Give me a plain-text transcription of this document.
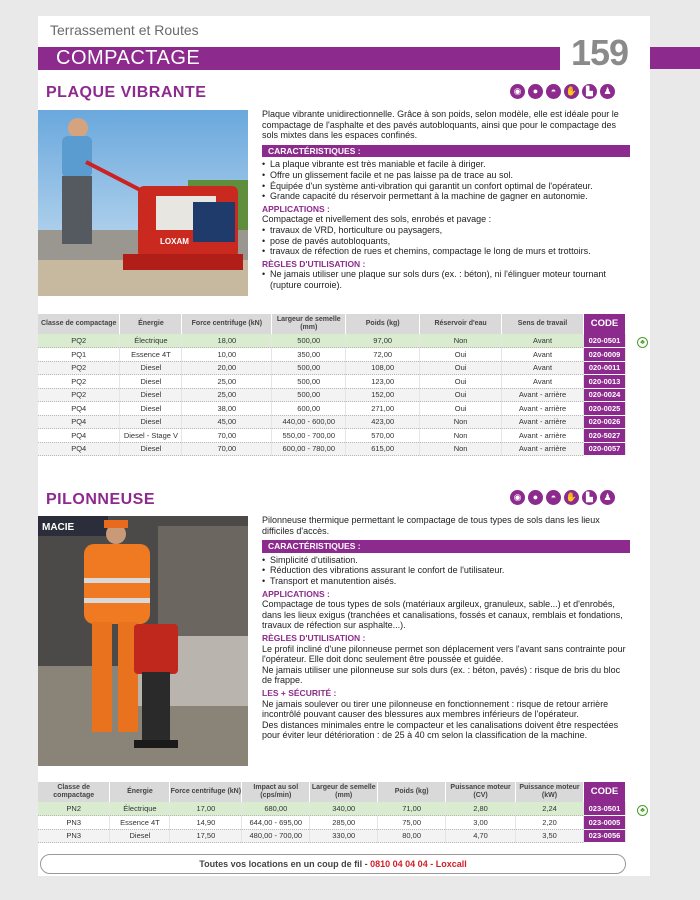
Terrassement et Routes
COMPACTAGE	159
PLAQUE VIBRANTE	◉	●	◓	✋ ▙	♟
LOXAM

Plaque vibrante unidirectionnelle. Grâce à son poids, selon modèle, elle est idéale pour le compactage de l'asphalte et des pavés autobloquants, ainsi que pour le compactage des sols mixtes dans les espaces confinés.

CARACTÉRISTIQUES :
• La plaque vibrante est très maniable et facile à diriger.
• Offre un glissement facile et ne pas laisse pa de trace au sol.
• Équipée d'un système anti-vibration qui garantit un confort optimal de l'opérateur.
• Grande capacité du réservoir permettant à la machine de gagner en autonomie.
APPLICATIONS :

Compactage et nivellement des sols, enrobés et pavage :

• travaux de VRD, horticulture ou paysagers,
• pose de pavés autobloquants,
• travaux de réfection de rues et chemins, compactage le long de murs et trottoirs.
RÈGLES D'UTILISATION :
• Ne jamais utiliser une plaque sur sols durs (ex. : béton), ni l'élinguer moteur tournant (rupture courroie).
Classe de compactage	Énergie	Force centrifuge (kN)	Largeur de semelle (mm)	Poids (kg)	Réservoir d'eau	Sens de travail	CODE
PQ2	Électrique	18,00	500,00	97,00	Non	Avant	020-0501
PQ1	Essence 4T	10,00	350,00	72,00	Oui	Avant	020-0009
PQ2	Diesel	20,00	500,00	108,00	Oui	Avant	020-0011
PQ2	Diesel	25,00	500,00	123,00	Oui	Avant	020-0013
PQ2	Diesel	25,00	500,00	152,00	Oui	Avant - arrière	020-0024
PQ4	Diesel	38,00	600,00	271,00	Oui	Avant - arrière	020-0025
PQ4	Diesel	45,00	440,00 - 600,00	423,00	Non	Avant - arrière	020-0026
PQ4	Diesel - Stage V	70,00	550,00 - 700,00	570,00	Non	Avant - arrière	020-5027
PQ4	Diesel	70,00	600,00 - 780,00	615,00	Non	Avant - arrière	020-0057
♣
PILONNEUSE	◉	●	◓	✋ ▙	♟
MACIE

Pilonneuse thermique permettant le compactage de tous types de sols dans les lieux difficiles d'accès.

CARACTÉRISTIQUES :
• Simplicité d'utilisation.
• Réduction des vibrations assurant le confort de l'utilisateur.
• Transport et manutention aisés.
APPLICATIONS :

Compactage de tous types de sols (matériaux argileux, granuleux, sable...) et d'enrobés, dans les lieux exigus (tranchées et canalisations, fossés et canaux, remblais et fondations, travaux de réfection sur asphalte...).

RÈGLES D'UTILISATION :

Le profil incliné d'une pilonneuse permet son déplacement vers l'avant sans contrainte pour l'opérateur. Elle doit donc seulement être poussée et guidée.

Ne jamais utiliser une pilonneuse sur sols durs (ex. : béton, pavés) : risque de bris du bloc de frappe.

LES + SÉCURITÉ :

Ne jamais soulever ou tirer une pilonneuse en fonctionnement : risque de retour arrière incontrôlé pouvant causer des blessures aux membres inférieurs de l'opérateur.

Des distances minimales entre le compacteur et les canalisations doivent être respectées pour éviter leur détérioration : de 25 à 40 cm selon la classification de la machine.

Classe de compactage	Énergie	Force centrifuge (kN)	Impact au sol (cps/min)	Largeur de semelle (mm)	Poids (kg)	Puissance moteur (CV)	Puissance moteur (kW)	CODE
PN2	Électrique	17,00	680,00	340,00	71,00	2,80	2,24	023-0501
PN3	Essence 4T	14,90	644,00 - 695,00	285,00	75,00	3,00	2,20	023-0005
PN3	Diesel	17,50	480,00 - 700,00	330,00	80,00	4,70	3,50	023-0056
♣
Toutes vos locations en un coup de fil - 0810 04 04 04 - Loxcall
